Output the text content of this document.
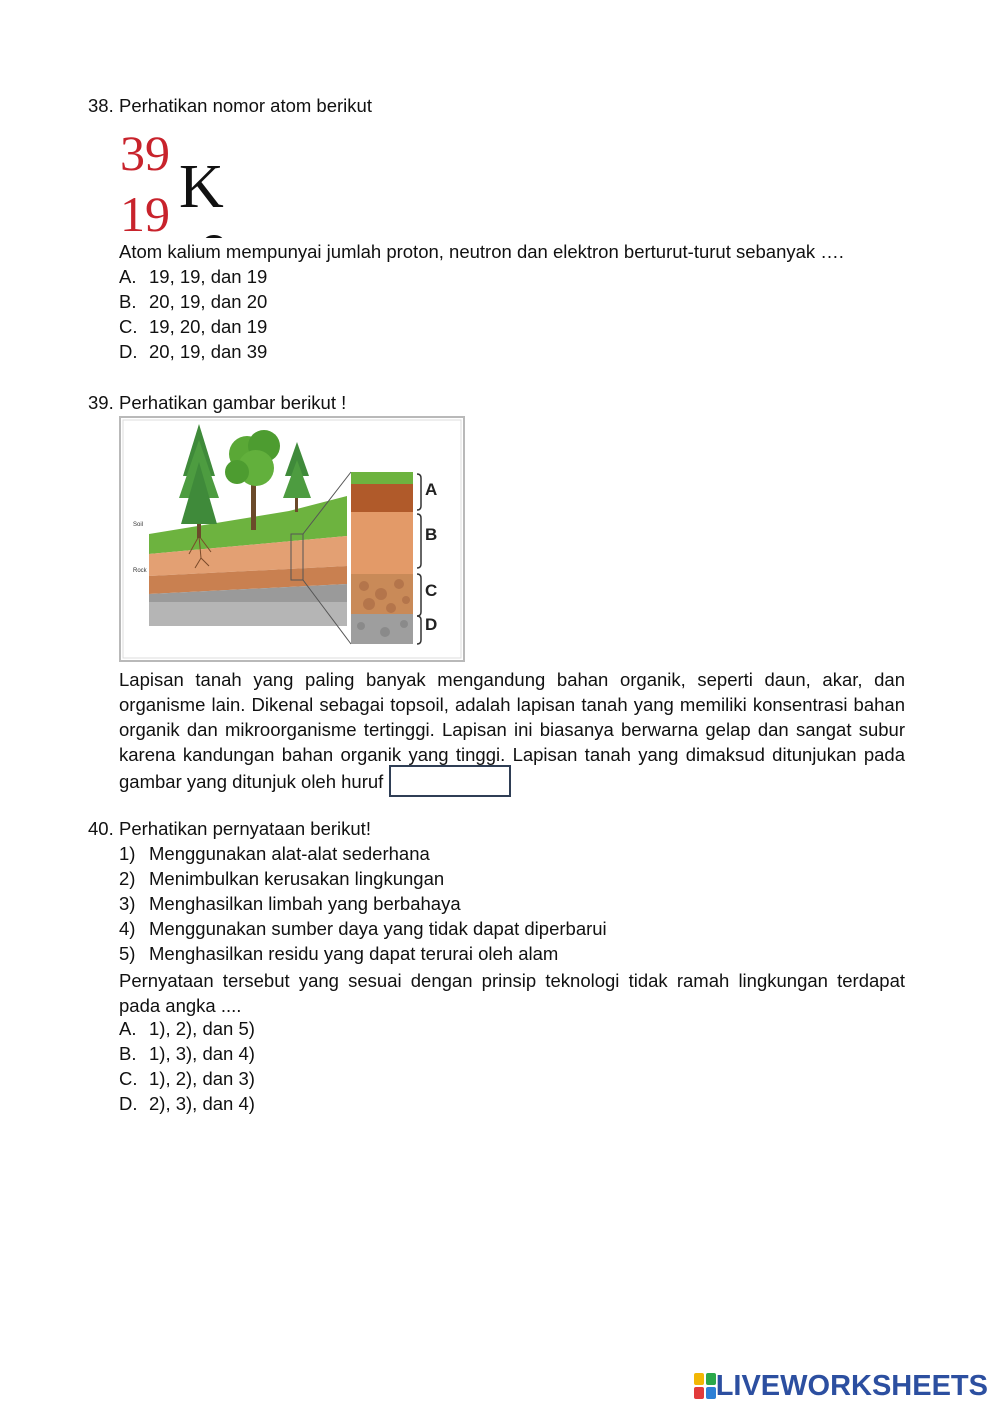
38. Perhatikan nomor atom berikut
39
19 K
Atom kalium mempunyai jumlah proton, neutron dan elektron berturut-turut sebanyak ….
A. 19, 19, dan 19
B. 20, 19, dan 20
C. 19, 20, dan 19
D. 20, 19, dan 39
39. Perhatikan gambar berikut !
Soil
Rock
A
B
C
D
Lapisan tanah yang paling banyak mengandung bahan organik, seperti daun, akar, dan organisme lain. Dikenal sebagai topsoil, adalah lapisan tanah yang memiliki konsentrasi bahan organik dan mikroorganisme tertinggi. Lapisan ini biasanya berwarna gelap dan sangat subur karena kandungan bahan organik yang tinggi. Lapisan tanah yang dimaksud ditunjukan pada gambar yang ditunjuk oleh huruf
40. Perhatikan pernyataan berikut!
1) Menggunakan alat-alat sederhana
2) Menimbulkan kerusakan lingkungan
3) Menghasilkan limbah yang berbahaya
4) Menggunakan sumber daya yang tidak dapat diperbarui
5) Menghasilkan residu yang dapat terurai oleh alam
Pernyataan tersebut yang sesuai dengan prinsip teknologi tidak ramah lingkungan terdapat pada angka ....
A. 1), 2), dan 5)
B. 1), 3), dan 4)
C. 1), 2), dan 3)
D. 2), 3), dan 4)
LIVEWORKSHEETS
